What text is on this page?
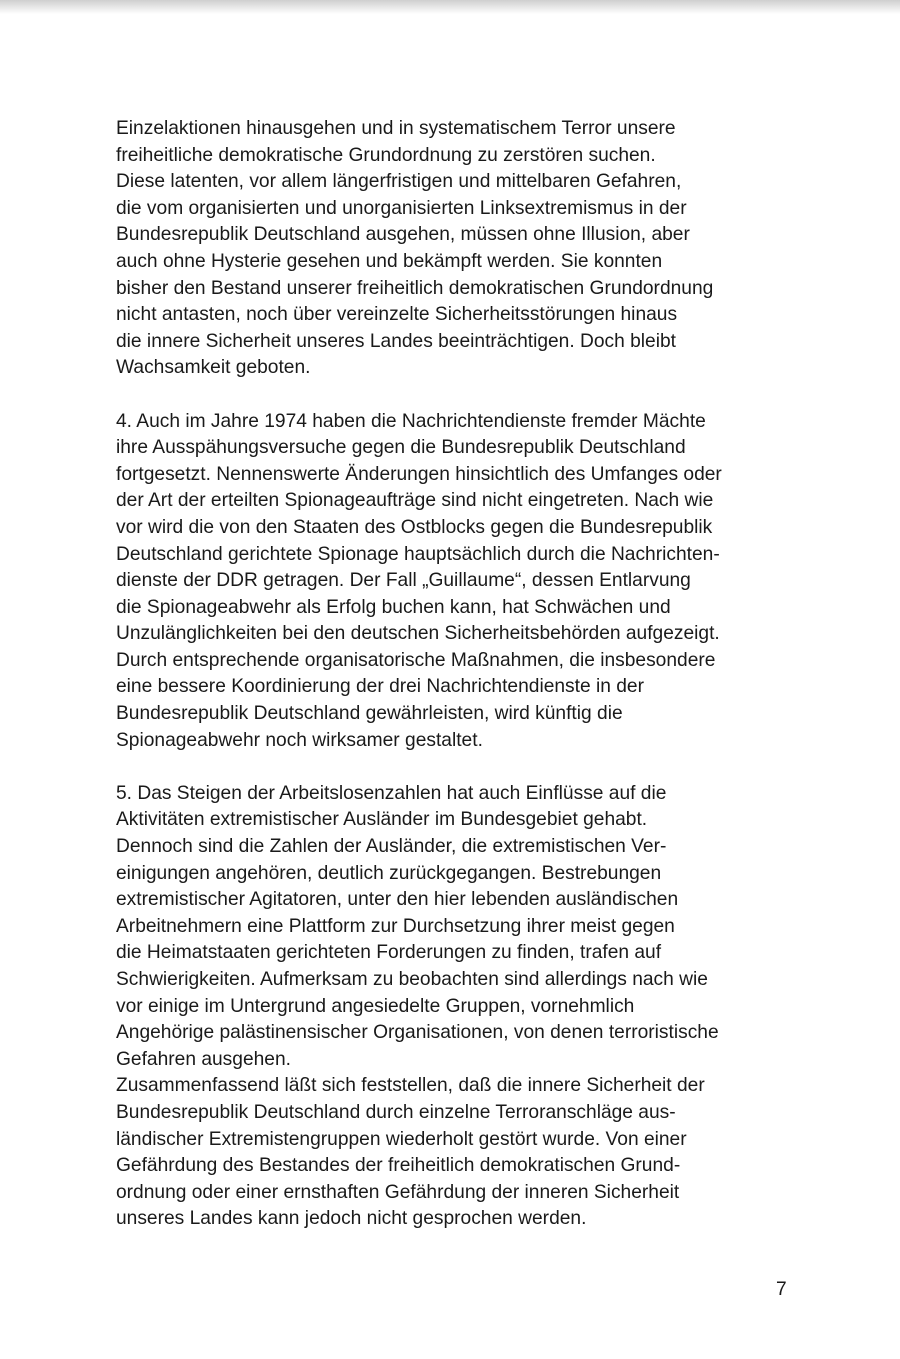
Einzelaktionen hinausgehen und in systematischem Terror unsere
freiheitliche demokratische Grundordnung zu zerstören suchen.
Diese latenten, vor allem längerfristigen und mittelbaren Gefahren,
die vom organisierten und unorganisierten Linksextremismus in der
Bundesrepublik Deutschland ausgehen, müssen ohne Illusion, aber
auch ohne Hysterie gesehen und bekämpft werden. Sie konnten
bisher den Bestand unserer freiheitlich demokratischen Grundordnung
nicht antasten, noch über vereinzelte Sicherheitsstörungen hinaus
die innere Sicherheit unseres Landes beeinträchtigen. Doch bleibt
Wachsamkeit geboten.
4. Auch im Jahre 1974 haben die Nachrichtendienste fremder Mächte
ihre Ausspähungsversuche gegen die Bundesrepublik Deutschland
fortgesetzt. Nennenswerte Änderungen hinsichtlich des Umfanges oder
der Art der erteilten Spionageaufträge sind nicht eingetreten. Nach wie
vor wird die von den Staaten des Ostblocks gegen die Bundesrepublik
Deutschland gerichtete Spionage hauptsächlich durch die Nachrichten-
dienste der DDR getragen. Der Fall „Guillaume“, dessen Entlarvung
die Spionageabwehr als Erfolg buchen kann, hat Schwächen und
Unzulänglichkeiten bei den deutschen Sicherheitsbehörden aufgezeigt.
Durch entsprechende organisatorische Maßnahmen, die insbesondere
eine bessere Koordinierung der drei Nachrichtendienste in der
Bundesrepublik Deutschland gewährleisten, wird künftig die
Spionageabwehr noch wirksamer gestaltet.
5. Das Steigen der Arbeitslosenzahlen hat auch Einflüsse auf die
Aktivitäten extremistischer Ausländer im Bundesgebiet gehabt.
Dennoch sind die Zahlen der Ausländer, die extremistischen Ver-
einigungen angehören, deutlich zurückgegangen. Bestrebungen
extremistischer Agitatoren, unter den hier lebenden ausländischen
Arbeitnehmern eine Plattform zur Durchsetzung ihrer meist gegen
die Heimatstaaten gerichteten Forderungen zu finden, trafen auf
Schwierigkeiten. Aufmerksam zu beobachten sind allerdings nach wie
vor einige im Untergrund angesiedelte Gruppen, vornehmlich
Angehörige palästinensischer Organisationen, von denen terroristische
Gefahren ausgehen.
Zusammenfassend läßt sich feststellen, daß die innere Sicherheit der
Bundesrepublik Deutschland durch einzelne Terroranschläge aus-
ländischer Extremistengruppen wiederholt gestört wurde. Von einer
Gefährdung des Bestandes der freiheitlich demokratischen Grund-
ordnung oder einer ernsthaften Gefährdung der inneren Sicherheit
unseres Landes kann jedoch nicht gesprochen werden.
7
